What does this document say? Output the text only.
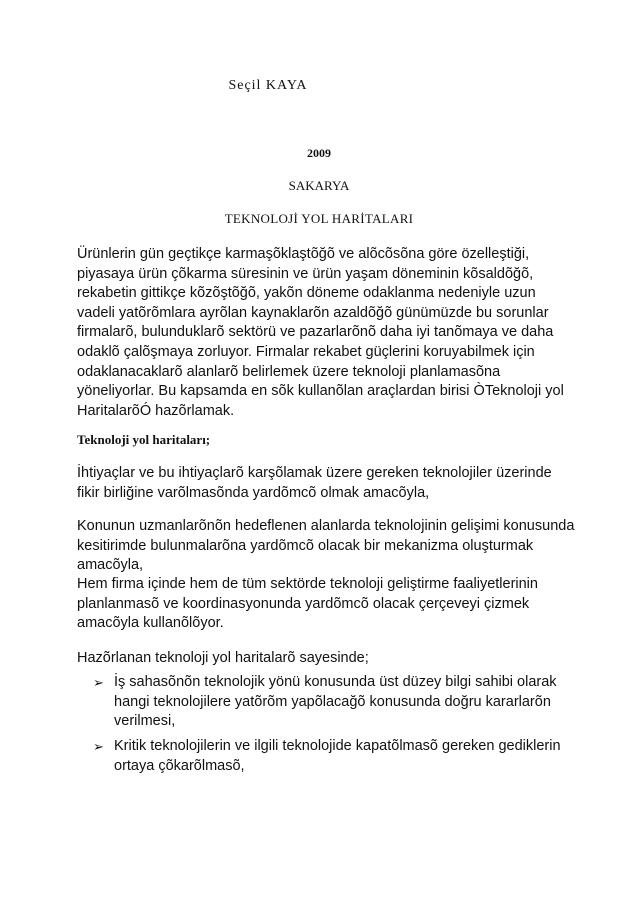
Seçil KAYA
2009
SAKARYA
TEKNOLOJİ YOL HARİTALARI
Ürünlerin gün geçtikçe karmaşõklaştõğõ ve alõcõsõna göre özelleştiği, piyasaya ürün çõkarma süresinin ve ürün yaşam döneminin kõsaldõğõ, rekabetin gittikçe kõzõştõğõ, yakõn döneme odaklanma nedeniyle uzun vadeli yatõrõmlara ayrõlan kaynaklarõn azaldõğõ günümüzde bu sorunlar firmalarõ, bulunduklarõ sektörü ve pazarlarõnõ daha iyi tanõmaya ve daha odaklõ çalõşmaya zorluyor. Firmalar rekabet güçlerini koruyabilmek için odaklanacaklarõ alanlarõ belirlemek üzere teknoloji planlamasõna yöneliyorlar. Bu kapsamda en sõk kullanõlan araçlardan birisi ÒTeknoloji yol HaritalarõÓ hazõrlamak.
Teknoloji yol haritaları;
İhtiyaçlar ve bu ihtiyaçlarõ karşõlamak üzere gereken teknolojiler üzerinde fikir birliğine varõlmasõnda yardõmcõ olmak amacõyla,
Konunun uzmanlarõnõn hedeflenen alanlarda teknolojinin gelişimi konusunda kesitirimde bulunmalarõna yardõmcõ olacak bir mekanizma oluşturmak amacõyla,
Hem firma içinde hem de tüm sektörde teknoloji geliştirme faaliyetlerinin planlanmasõ ve koordinasyonunda yardõmcõ olacak çerçeveyi çizmek amacõyla kullanõlõyor.
Hazõrlanan teknoloji yol haritalarõ sayesinde;
➢ İş sahasõnõn teknolojik yönü konusunda üst düzey bilgi sahibi olarak hangi teknolojilere yatõrõm yapõlacağõ konusunda doğru kararlarõn verilmesi,
➢ Kritik teknolojilerin ve ilgili teknolojide kapatõlmasõ gereken gediklerin ortaya çõkarõlmasõ,
